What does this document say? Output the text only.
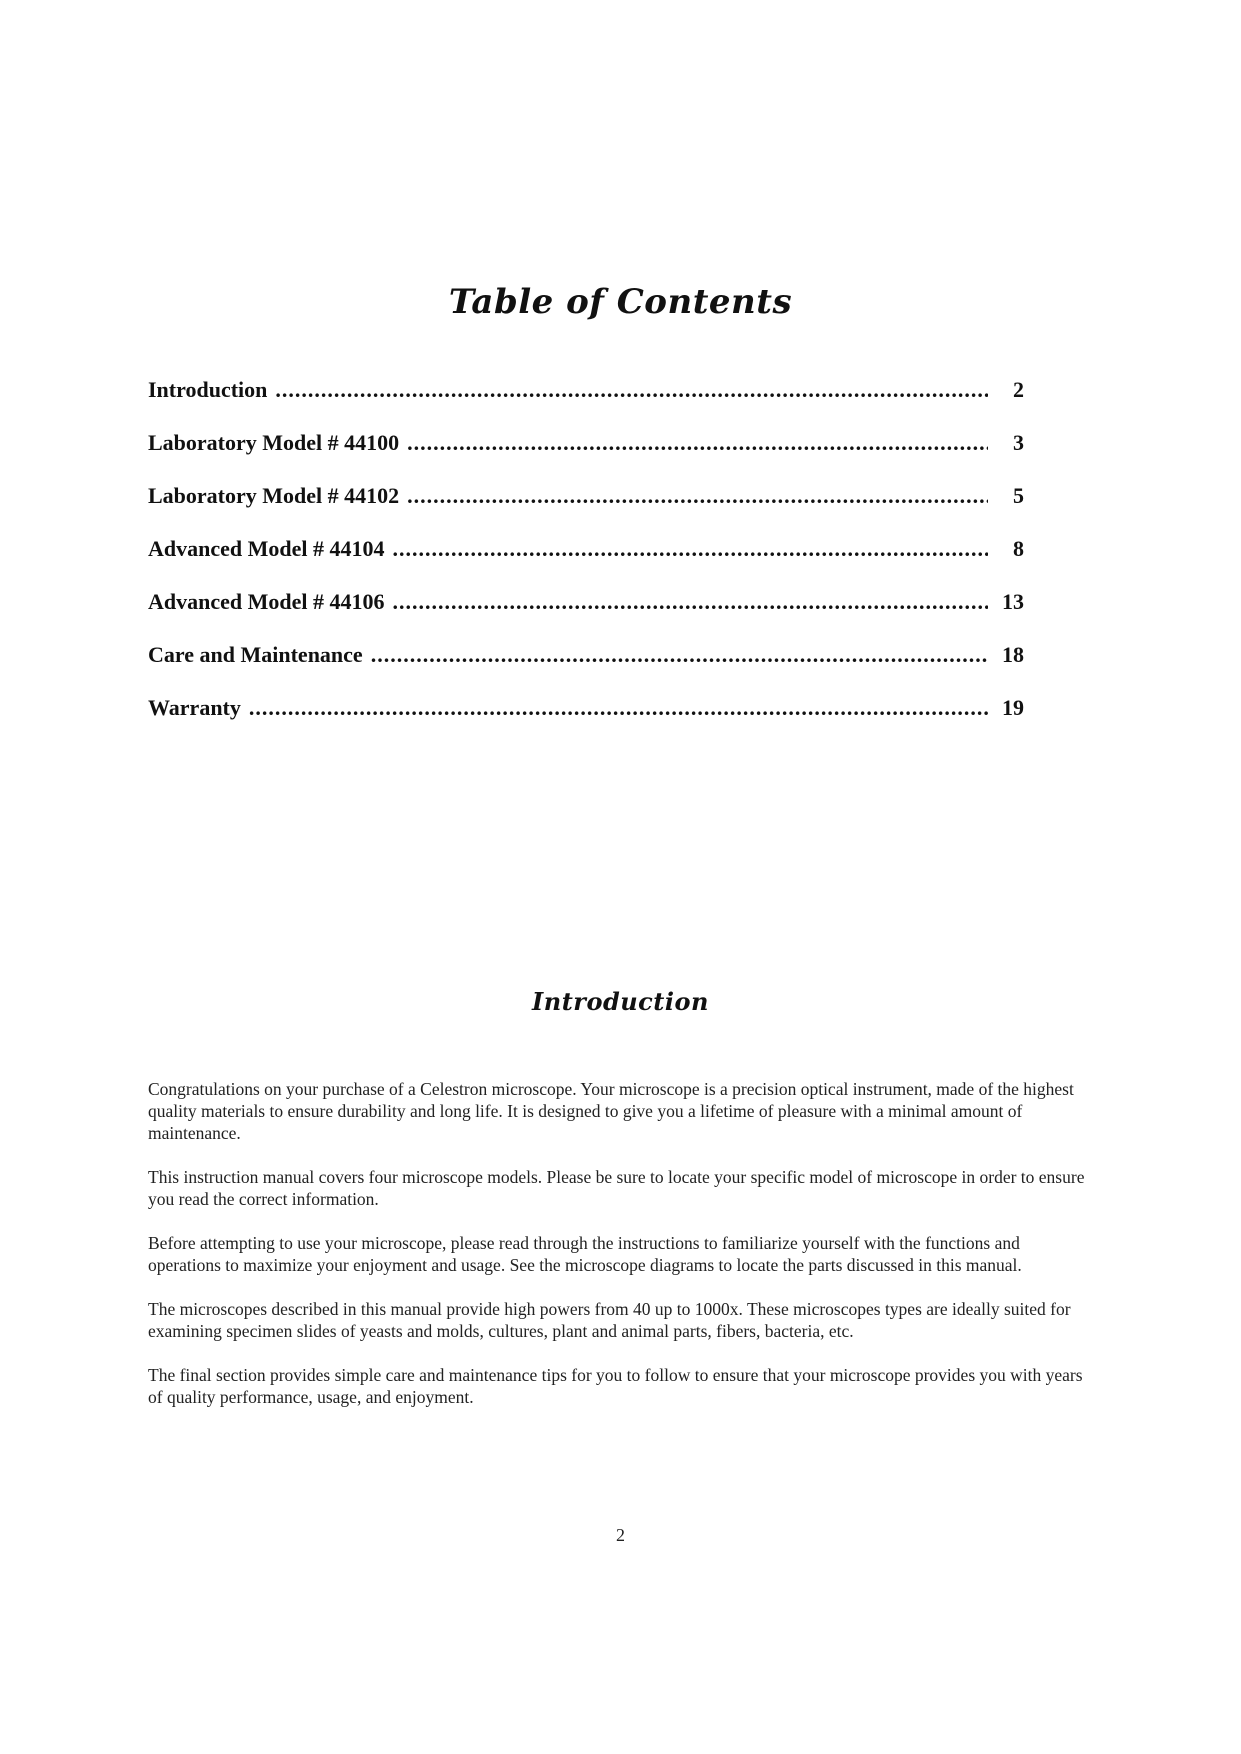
Table of Contents
Introduction .....	2
Laboratory Model # 44100 .....	3
Laboratory Model # 44102 .....	5
Advanced Model # 44104 .....	8
Advanced Model # 44106 .....	13
Care and Maintenance .....	18
Warranty .....	19
Introduction

Congratulations on your purchase of a Celestron microscope. Your microscope is a precision optical instrument, made of the highest quality materials to ensure durability and long life. It is designed to give you a lifetime of pleasure with a minimal amount of maintenance.

This instruction manual covers four microscope models. Please be sure to locate your specific model of microscope in order to ensure you read the correct information.

Before attempting to use your microscope, please read through the instructions to familiarize yourself with the functions and operations to maximize your enjoyment and usage. See the microscope diagrams to locate the parts discussed in this manual.

The microscopes described in this manual provide high powers from 40 up to 1000x. These microscopes types are ideally suited for examining specimen slides of yeasts and molds, cultures, plant and animal parts, fibers, bacteria, etc.

The final section provides simple care and maintenance tips for you to follow to ensure that your microscope provides you with years of quality performance, usage, and enjoyment.

2
